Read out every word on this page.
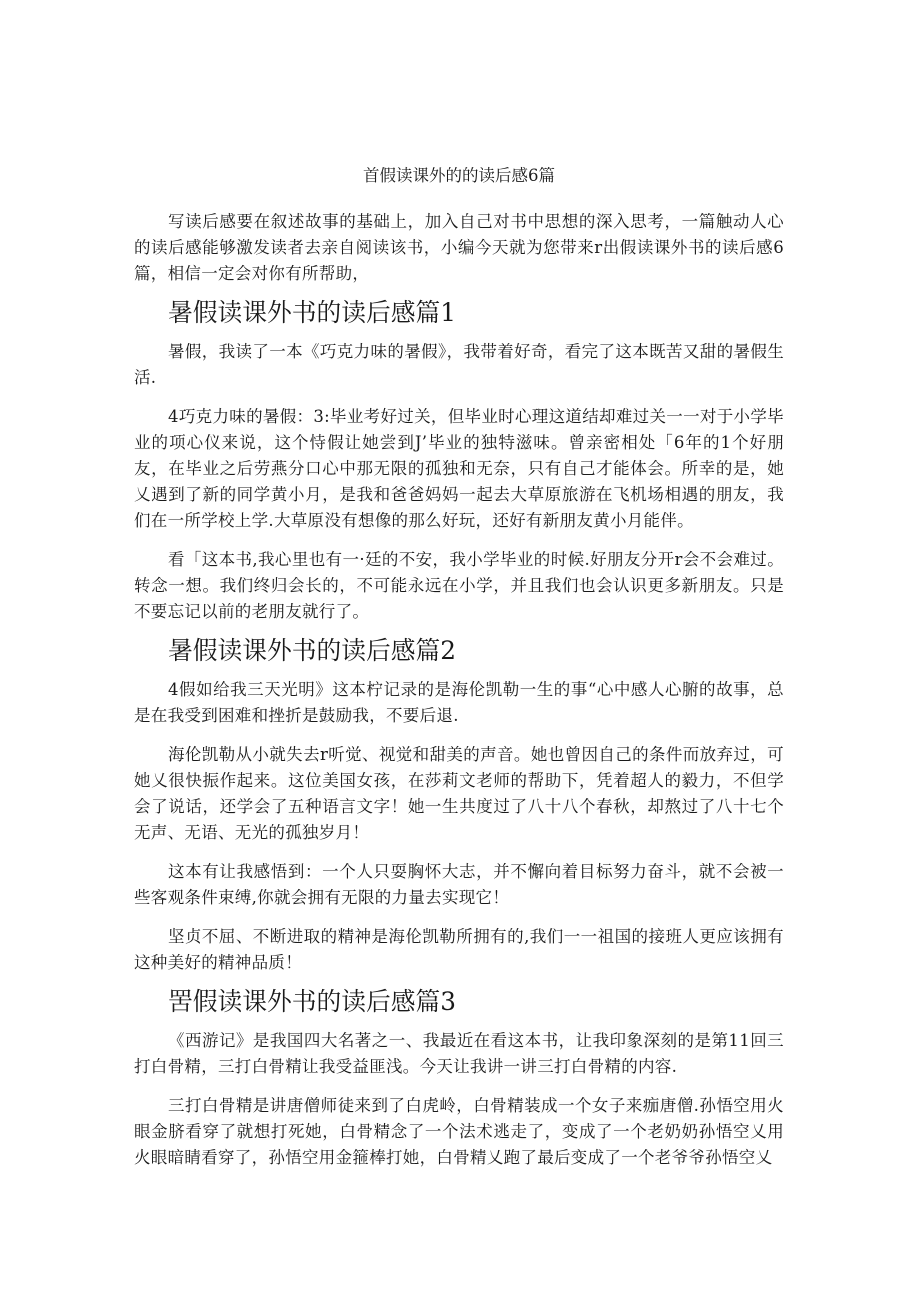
首假读课外的的读后感6篇

写读后感要在叙述故事的基础上，加入自己对书中思想的深入思考，一篇触动人心的读后感能够激发读者去亲自阅读该书，小编今天就为您带来r出假读课外书的读后感6篇，相信一定会对你有所帮助，

暑假读课外书的读后感篇1

暑假，我读了一本《巧克力味的暑假》，我带着好奇，看完了这本既苦又甜的暑假生活.

4巧克力味的暑假：3:毕业考好过关，但毕业时心理这道结却难过关一一对于小学毕业的项心仪来说，这个恃假让她尝到J’毕业的独特滋味。曾亲密相处「6年的1个好朋友，在毕业之后劳燕分口心中那无限的孤独和无奈，只有自己才能体会。所幸的是，她乂遇到了新的同学黄小月，是我和爸爸妈妈一起去大草原旅游在飞机场相遇的朋友，我们在一所学校上学.大草原没有想像的那么好玩，还好有新朋友黄小月能伴。

看「这本书,我心里也有一·廷的不安，我小学毕业的时候.好朋友分开r会不会难过。转念一想。我们终归会长的，不可能永远在小学，并且我们也会认识更多新朋友。只是不要忘记以前的老朋友就行了。

暑假读课外书的读后感篇2

4假如给我三天光明》这本柠记录的是海伦凯勒一生的事“心中感人心腑的故事，总是在我受到困难和挫折是鼓励我，不要后退.

海伦凯勒从小就失去r听觉、视觉和甜美的声音。她也曾因自己的条件而放弃过，可她乂很快振作起来。这位美国女孩，在莎莉文老师的帮助下，凭着超人的毅力，不但学会了说话，还学会了五种语言文字！她一生共度过了八十八个春秋，却熬过了八十七个无声、无语、无光的孤独岁月！

这本有让我感悟到：一个人只耍胸怀大志，并不懈向着目标努力奋斗，就不会被一些客观条件束缚,你就会拥有无限的力量去实现它！

坚贞不屈、不断进取的精神是海伦凯勒所拥有的,我们一一祖国的接班人更应该拥有这种美好的精神品质！

罟假读课外书的读后感篇3

《西游记》是我国四大名著之一、我最近在看这本书，让我印象深刻的是第11回三打白骨精，三打白骨精让我受益匪浅。今天让我讲一讲三打白骨精的内容.

三打白骨精是讲唐僧师徒来到了白虎岭，白骨精装成一个女子来痂唐僧.孙悟空用火眼金脐看穿了就想打死她，白骨精念了一个法术逃走了，变成了一个老奶奶孙悟空乂用火眼暗睛看穿了，孙悟空用金箍棒打她，白骨精乂跑了最后变成了一个老爷爷孙悟空乂
